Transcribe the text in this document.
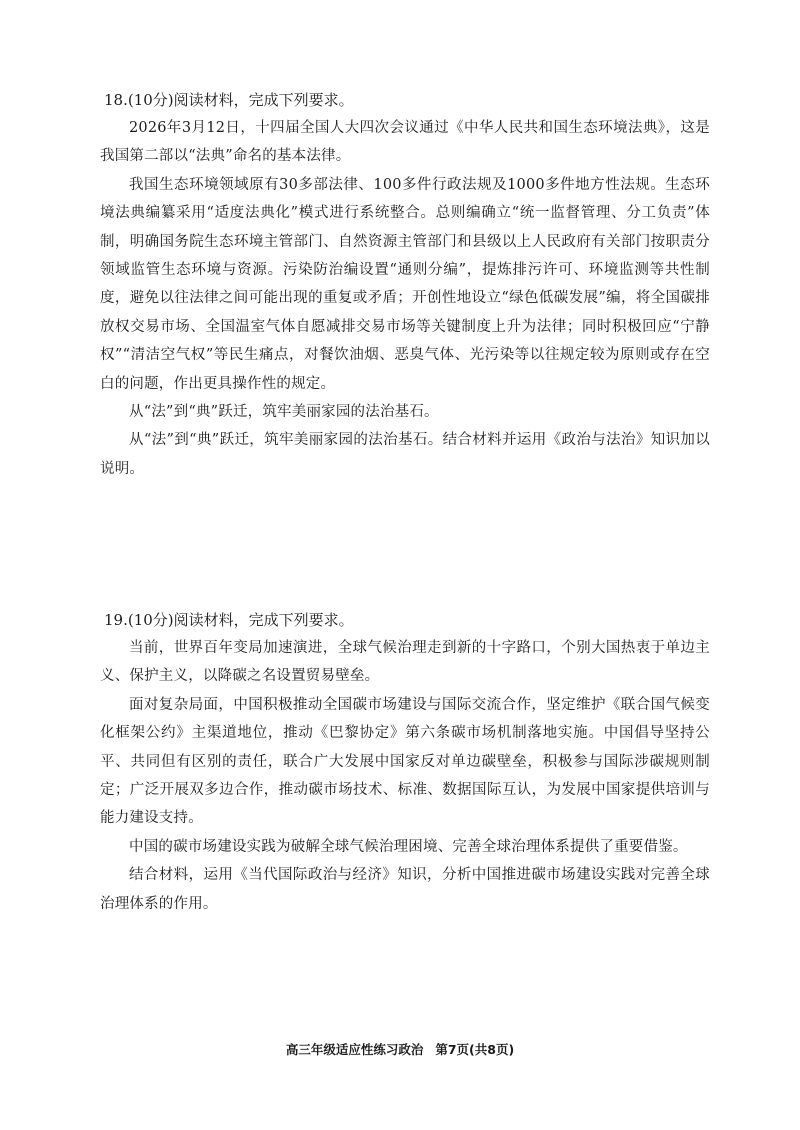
18.(10分)阅读材料，完成下列要求。

2026年3月12日，十四届全国人大四次会议通过《中华人民共和国生态环境法典》，这是我国第二部以“法典”命名的基本法律。

我国生态环境领域原有30多部法律、100多件行政法规及1000多件地方性法规。生态环境法典编纂采用“适度法典化”模式进行系统整合。总则编确立“统一监督管理、分工负责”体制，明确国务院生态环境主管部门、自然资源主管部门和县级以上人民政府有关部门按职责分领域监管生态环境与资源。污染防治编设置“通则分编”，提炼排污许可、环境监测等共性制度，避免以往法律之间可能出现的重复或矛盾；开创性地设立“绿色低碳发展”编，将全国碳排放权交易市场、全国温室气体自愿减排交易市场等关键制度上升为法律；同时积极回应“宁静权”“清洁空气权”等民生痛点，对餐饮油烟、恶臭气体、光污染等以往规定较为原则或存在空白的问题，作出更具操作性的规定。

从“法”到“典”跃迁，筑牢美丽家园的法治基石。

从“法”到“典”跃迁，筑牢美丽家园的法治基石。结合材料并运用《政治与法治》知识加以说明。

19.(10分)阅读材料，完成下列要求。

当前，世界百年变局加速演进，全球气候治理走到新的十字路口，个别大国热衷于单边主义、保护主义，以降碳之名设置贸易壁垒。

面对复杂局面，中国积极推动全国碳市场建设与国际交流合作，坚定维护《联合国气候变化框架公约》主渠道地位，推动《巴黎协定》第六条碳市场机制落地实施。中国倡导坚持公平、共同但有区别的责任，联合广大发展中国家反对单边碳壁垒，积极参与国际涉碳规则制定；广泛开展双多边合作，推动碳市场技术、标准、数据国际互认，为发展中国家提供培训与能力建设支持。

中国的碳市场建设实践为破解全球气候治理困境、完善全球治理体系提供了重要借鉴。

结合材料，运用《当代国际政治与经济》知识，分析中国推进碳市场建设实践对完善全球治理体系的作用。

高三年级适应性练习政治 第7页(共8页)
